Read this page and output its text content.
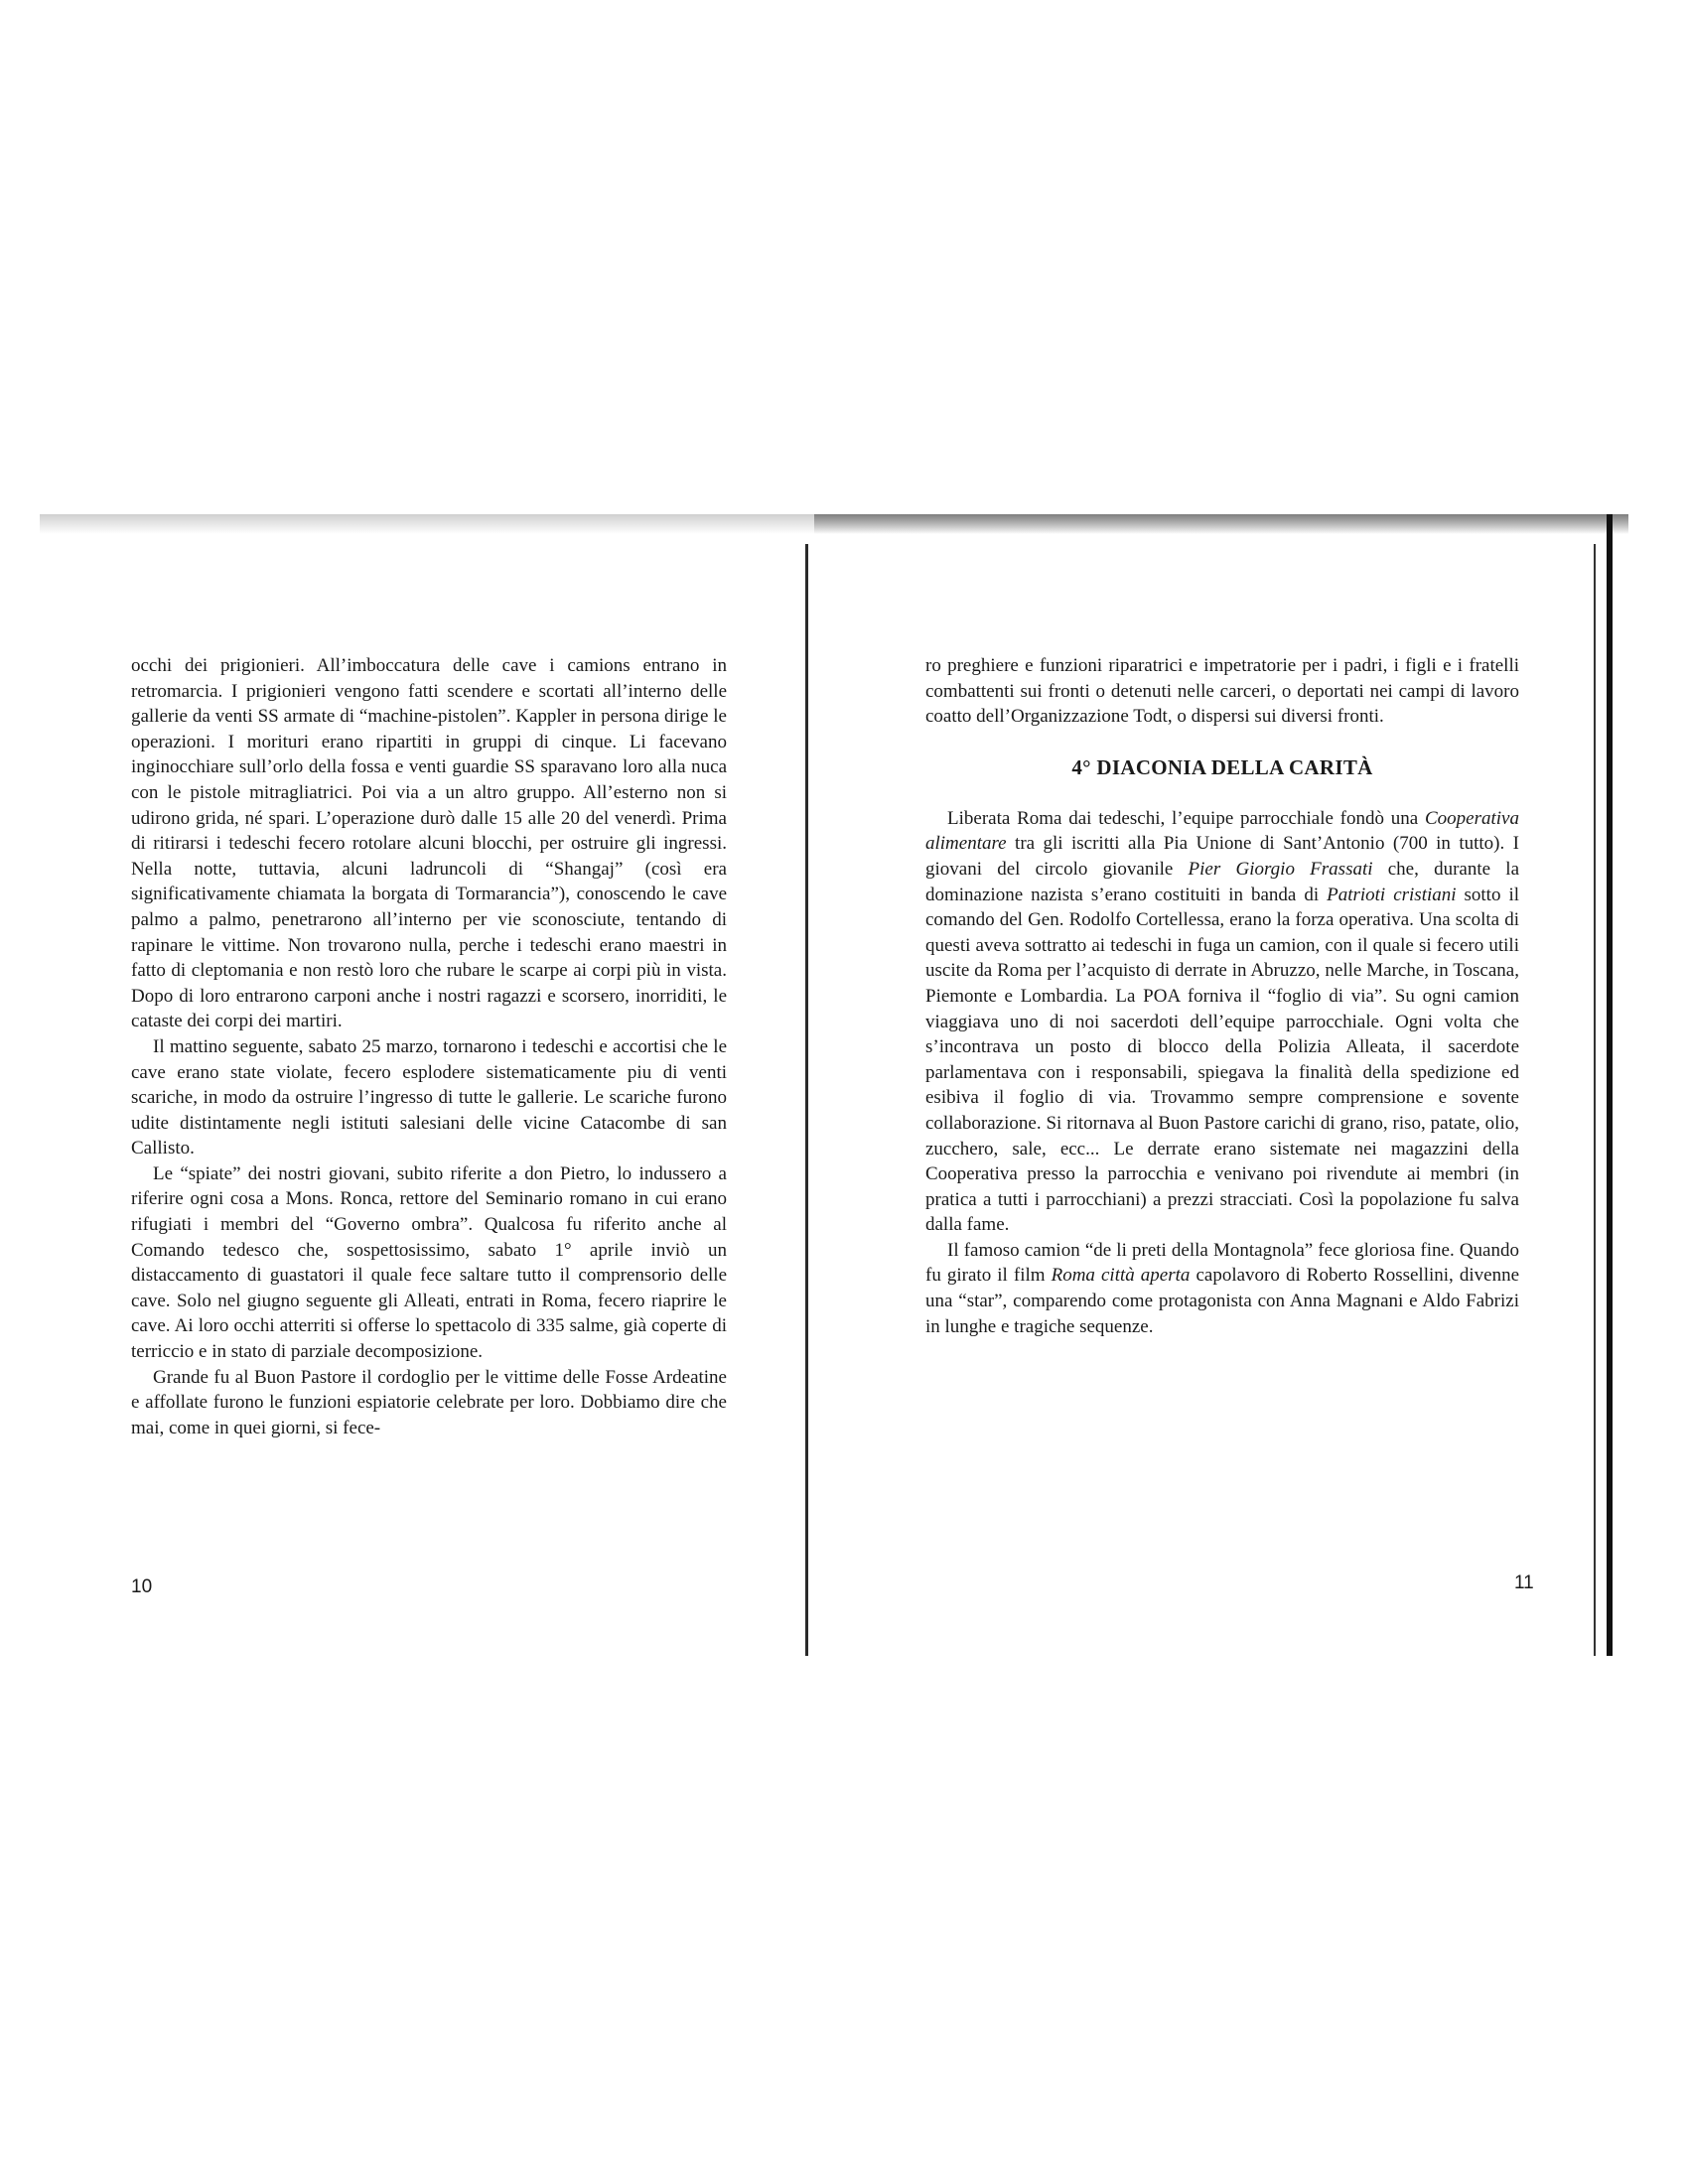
occhi dei prigionieri. All’imboccatura delle cave i camions entrano in retromarcia. I prigionieri vengono fatti scendere e scortati all’interno delle gallerie da venti SS armate di “machine-pistolen”. Kappler in persona dirige le operazioni. I morituri erano ripartiti in gruppi di cinque. Li facevano inginocchiare sull’orlo della fossa e venti guardie SS sparavano loro alla nuca con le pistole mitragliatrici. Poi via a un altro gruppo. All’esterno non si udirono grida, né spari. L’operazione durò dalle 15 alle 20 del venerdì. Prima di ritirarsi i tedeschi fecero rotolare alcuni blocchi, per ostruire gli ingressi. Nella notte, tuttavia, alcuni ladruncoli di “Shangaj” (così era significativamente chiamata la borgata di Tormarancia”), conoscendo le cave palmo a palmo, penetrarono all’interno per vie sconosciute, tentando di rapinare le vittime. Non trovarono nulla, perche i tedeschi erano maestri in fatto di cleptomania e non restò loro che rubare le scarpe ai corpi più in vista. Dopo di loro entrarono carponi anche i nostri ragazzi e scorsero, inorriditi, le cataste dei corpi dei martiri.

Il mattino seguente, sabato 25 marzo, tornarono i tedeschi e accortisi che le cave erano state violate, fecero esplodere sistematicamente piu di venti scariche, in modo da ostruire l’ingresso di tutte le gallerie. Le scariche furono udite distintamente negli istituti salesiani delle vicine Catacombe di san Callisto.

Le “spiate” dei nostri giovani, subito riferite a don Pietro, lo indussero a riferire ogni cosa a Mons. Ronca, rettore del Seminario romano in cui erano rifugiati i membri del “Governo ombra”. Qualcosa fu riferito anche al Comando tedesco che, sospettosissimo, sabato 1° aprile inviò un distaccamento di guastatori il quale fece saltare tutto il comprensorio delle cave. Solo nel giugno seguente gli Alleati, entrati in Roma, fecero riaprire le cave. Ai loro occhi atterriti si offerse lo spettacolo di 335 salme, già coperte di terriccio e in stato di parziale decomposizione.

Grande fu al Buon Pastore il cordoglio per le vittime delle Fosse Ardeatine e affollate furono le funzioni espiatorie celebrate per loro. Dobbiamo dire che mai, come in quei giorni, si fece-

ro preghiere e funzioni riparatrici e impetratorie per i padri, i figli e i fratelli combattenti sui fronti o detenuti nelle carceri, o deportati nei campi di lavoro coatto dell’Organizzazione Todt, o dispersi sui diversi fronti.

4° DIACONIA DELLA CARITÀ

Liberata Roma dai tedeschi, l’equipe parrocchiale fondò una Cooperativa alimentare tra gli iscritti alla Pia Unione di Sant’Antonio (700 in tutto). I giovani del circolo giovanile Pier Giorgio Frassati che, durante la dominazione nazista s’erano costituiti in banda di Patrioti cristiani sotto il comando del Gen. Rodolfo Cortellessa, erano la forza operativa. Una scolta di questi aveva sottratto ai tedeschi in fuga un camion, con il quale si fecero utili uscite da Roma per l’acquisto di derrate in Abruzzo, nelle Marche, in Toscana, Piemonte e Lombardia. La POA forniva il “foglio di via”. Su ogni camion viaggiava uno di noi sacerdoti dell’equipe parrocchiale. Ogni volta che s’incontrava un posto di blocco della Polizia Alleata, il sacerdote parlamentava con i responsabili, spiegava la finalità della spedizione ed esibiva il foglio di via. Trovammo sempre comprensione e sovente collaborazione. Si ritornava al Buon Pastore carichi di grano, riso, patate, olio, zucchero, sale, ecc... Le derrate erano sistemate nei magazzini della Cooperativa presso la parrocchia e venivano poi rivendute ai membri (in pratica a tutti i parrocchiani) a prezzi stracciati. Così la popolazione fu salva dalla fame.

Il famoso camion “de li preti della Montagnola” fece gloriosa fine. Quando fu girato il film Roma città aperta capolavoro di Roberto Rossellini, divenne una “star”, comparendo come protagonista con Anna Magnani e Aldo Fabrizi in lunghe e tragiche sequenze.

10	11
